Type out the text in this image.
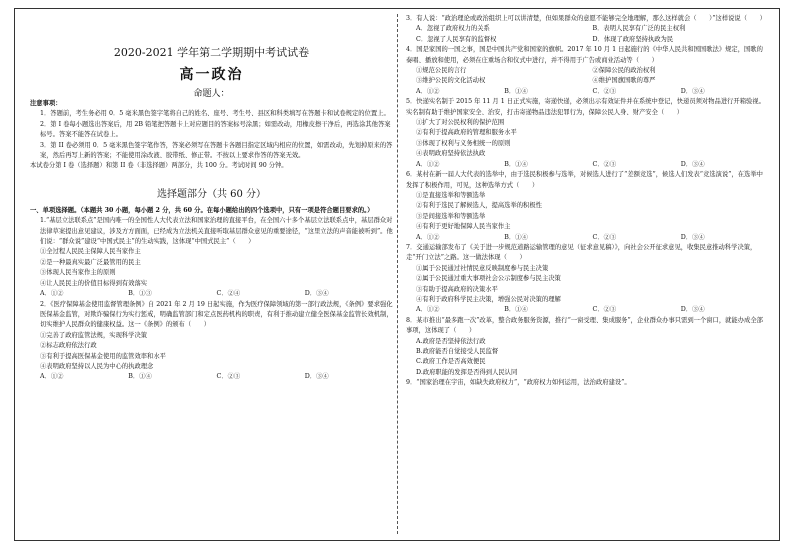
2020-2021 学年第二学期期中考试试卷
高一政治
命题人：

注意事项：

1．答题前，考生务必用 0．5 毫米黑色签字笔将自己的姓名、座号、考生号、县区和科类填写在答题卡和试卷规定的位置上。

2．第 I 卷每小题选出答案后，用 2B 铅笔把答题卡上对应题目的答案标号涂黑；如需改动，用橡皮擦干净后，再选涂其他答案标号。答案不能答在试卷上。

3．第 II 卷必须用 0．5 毫米黑色签字笔作答，答案必须写在答题卡各题目指定区域内相应的位置，如需改动，先划掉原来的答案，然后再写上新的答案；不能使用涂改液、胶带纸、修正带。不按以上要求作答的答案无效。

本试卷分第 I 卷（选择题）和第 II 卷（非选择题）两部分，共 100 分。考试时间 90 分钟。

选择题部分（共 60 分）

一、单项选择题。（本题共 30 小题，每小题 2 分，共 60 分。在每小题给出的四个选项中，只有一项是符合题目要求的。）

1.“基层立法联系点”是国内唯一的全国性人大代表立法和国家治理的直接平台，在全国六十多个基层立法联系点中，基层群众对法律草案提出意见建议，涉及方方面面，已经成为立法机关直接听取基层群众意见的重要途径，“这里立法的声音能被听到”。他们说：“群众说”建设“中国式民主”的生动实践，这体现“中国式民主”（　　）

①全过程人民民主保障人民当家作主

②是一种最真实最广泛最管用的民主

③体现人民当家作主的原则

④让人民民主的价值目标得到有效落实

A．①②	B．①③	C．②④	D．③④

2．《医疗保障基金使用监督管理条例》自 2021 年 2 月 19 日起实施，作为医疗保障领域的第一部行政法规，《条例》要求强化医保基金监管，对欺诈骗保行为实行惩戒，明确监管部门和定点医药机构的职责，有利于推动建立健全医保基金监管长效机制，切实维护人民群众的健康权益。这一《条例》的颁布（　　）

①完善了政府监管法规，实现科学决策

②标志政府依法行政

③有利于提高医保基金使用的监管效率和水平

④表明政府坚持以人民为中心的执政理念

A．①②	B．①④	C．②③	D．③④

3．有人说：“政治理论或政治组织上可以讲清楚，但如果群众的意愿不能够完全地理解，那么这样就会（　　）”这样说说（　　）

A．忽视了政府权力的关系	B．表明人民享有广泛的民主权利
C．忽视了人民享有的监督权	D．体现了政府坚持执政为民

4．国是家国的一国之事，国是中国共产党和国家的旗帜。2017 年 10 月 1 日起施行的《中华人民共和国国歌法》规定，国歌的奏唱、播放和使用，必须在庄重场合和仪式中进行，并不得用于广告或商业活动等（　　）

①规范公民的言行	②保障公民的政治权利
③维护公民的文化活动权	④维护国旗国歌的尊严
A．①②	B．①④	C．②③	D．③④

5．快递实名制于 2015 年 11 月 1 日正式实施，寄递快递，必须出示有效证件并在系统中登记，快递员须对物品进行开箱验视。实名制有助于维护国家安全、治安，打击寄递物品违法犯罪行为，保障公民人身、财产安全（　　）

①扩大了对公民权利的保护范围

②有利于提高政府的管理和服务水平

③体现了权利与义务相统一的原则

④表明政府坚持依法执政

A．①②	B．①④	C．②③	D．③④

6．某村在新一届人大代表的选举中，由于选民积极参与选举，对候选人进行了“差额竞选”，候选人们发表“竞选演说”，在选举中发挥了积极作用，可见，这种选举方式（　　）

①是直接选举和等额选举

②有利于选民了解候选人，提高选举的积极性

③是间接选举和等额选举

④有利于更好地保障人民当家作主

A．①②	B．①④	C．②③	D．③④

7．交通运输部发布了《关于进一步规范道路运输管理的意见（征求意见稿）》，向社会公开征求意见，收集民意推动科学决策，走“开门立法”之路。这一做法体现（　　）

①属于公民通过社情民意反映制度参与民主决策

②属于公民通过重大事项社会公示制度参与民主决策

③有助于提高政府的决策水平

④有利于政府科学民主决策，增强公民对决策的理解

A．①②	B．①④	C．②③	D．③④

8．某市推出“最多跑一次”改革，整合政务服务资源，推行“一窗受理、集成服务”，企业群众办事只需到一个窗口，就能办成全部事项，这体现了（　　）

A.政府是否坚持依法行政

B.政府能否自觉接受人民监督

C.政府工作是否高效便民

D.政府职能的发挥是否得到人民认同

9．“国家治理在宇宙，如缺失政府权力”，“政府权力如何运用，法治政府建设”。
